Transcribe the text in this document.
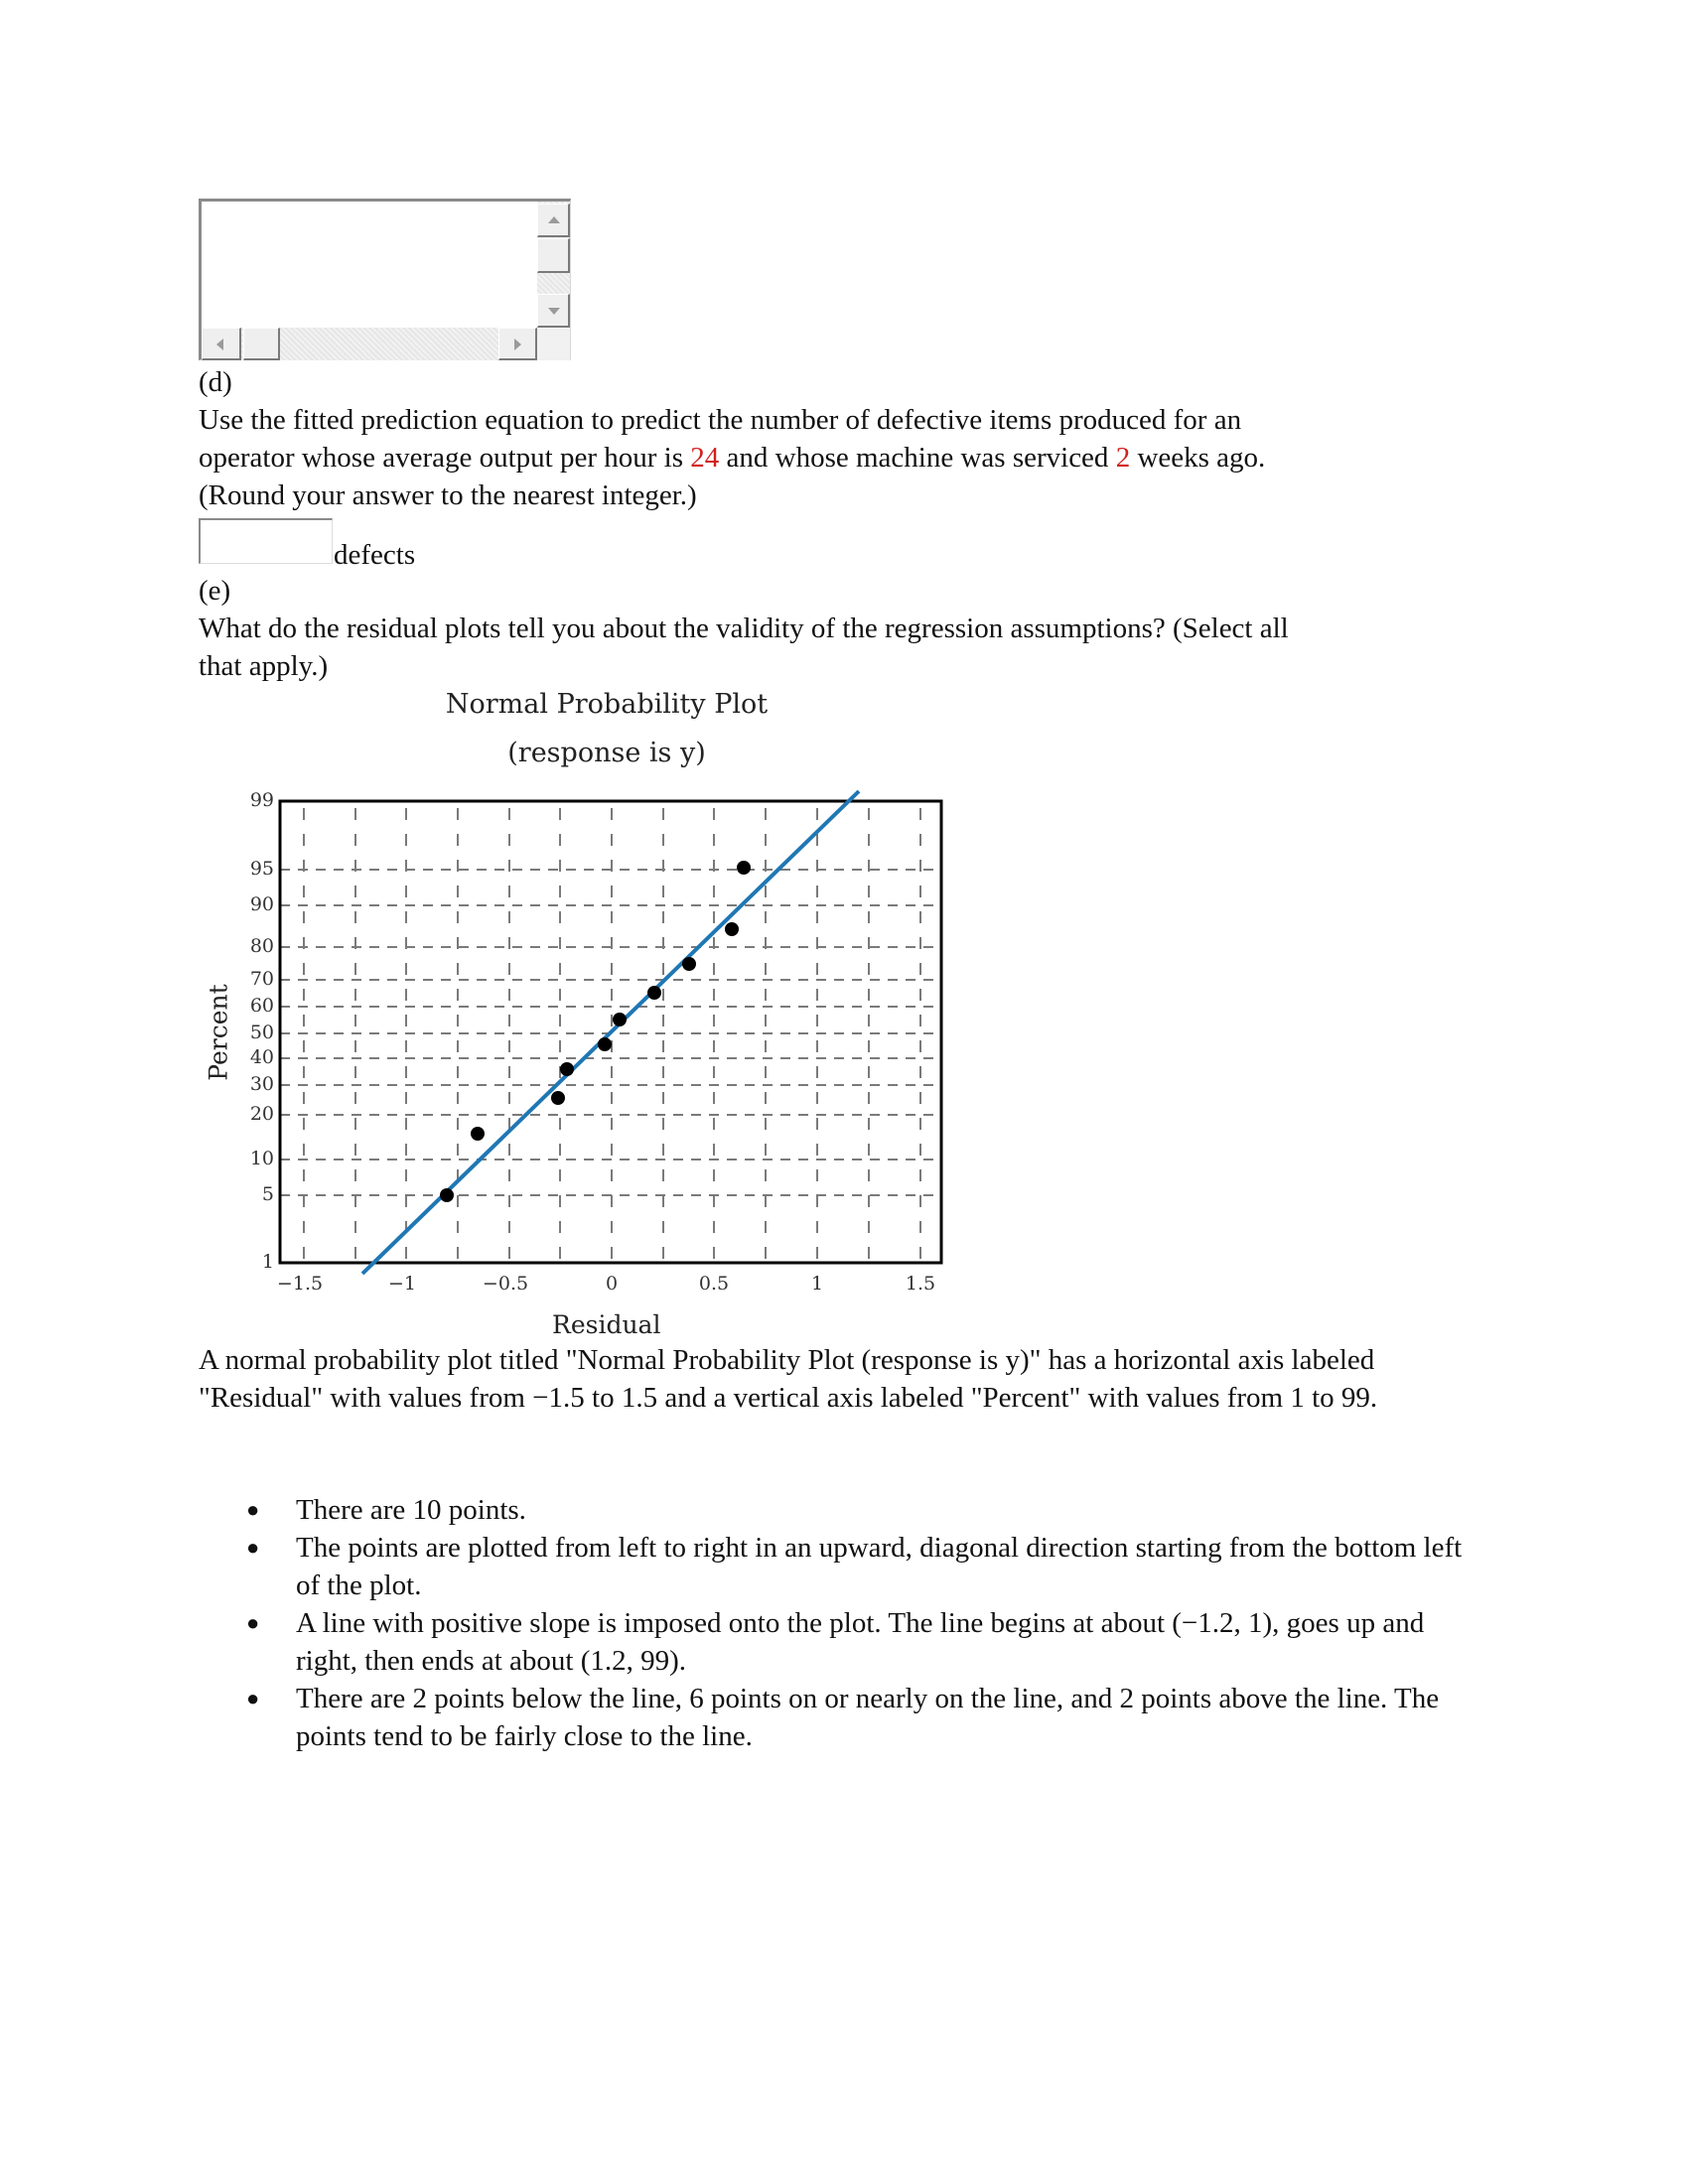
(d)
Use the fitted prediction equation to predict the number of defective items produced for an
operator whose average output per hour is 24 and whose machine was serviced 2 weeks ago.
(Round your answer to the nearest integer.)
defects
(e)
What do the residual plots tell you about the validity of the regression assumptions? (Select all
that apply.)
Normal Probability Plot
(response is y)
99
95
90
80
70
60
50
40
30
20
10
5
1
−1.5	−1	−0.5	0	0.5	1	1.5
Residual
Percent
A normal probability plot titled "Normal Probability Plot (response is y)" has a horizontal axis labeled "Residual" with values from −1.5 to 1.5 and a vertical axis labeled "Percent" with values from 1 to 99.
● There are 10 points.
● The points are plotted from left to right in an upward, diagonal direction starting from the bottom left of the plot.
● A line with positive slope is imposed onto the plot. The line begins at about (−1.2, 1), goes up and right, then ends at about (1.2, 99).
● There are 2 points below the line, 6 points on or nearly on the line, and 2 points above the line. The points tend to be fairly close to the line.
